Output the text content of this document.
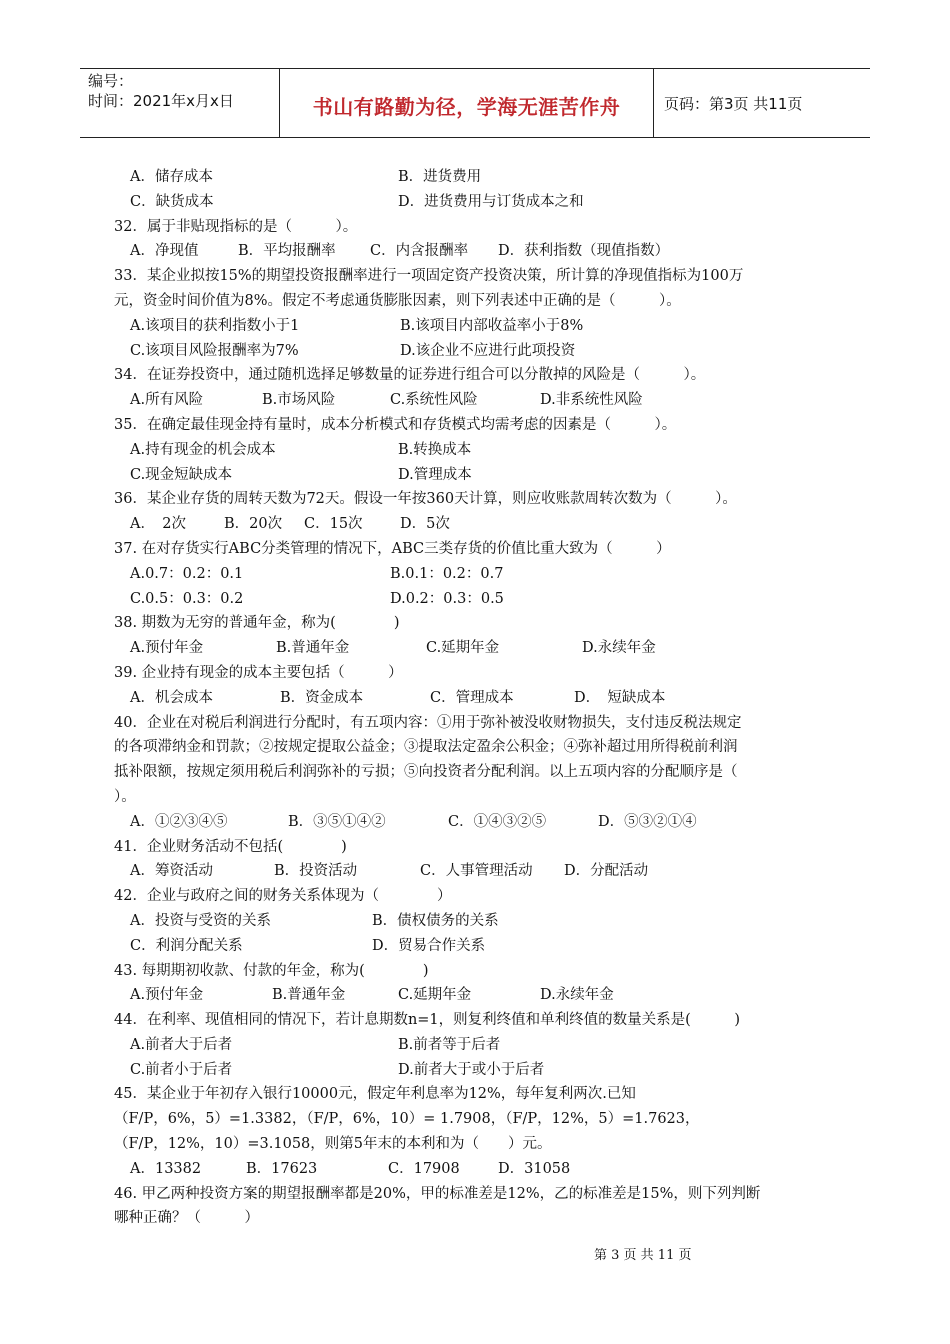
编号：
时间：2021年x月x日	书山有路勤为径，学海无涯苦作舟	页码：第3页 共11页
A．储存成本	B．进货费用
C．缺货成本	D．进货费用与订货成本之和
32．属于非贴现指标的是（　　　）。
A．净现值	B．平均报酬率 C．内含报酬率 D．获利指数（现值指数）
33．某企业拟按15%的期望投资报酬率进行一项固定资产投资决策，所计算的净现值指标为100万
元，资金时间价值为8%。假定不考虑通货膨胀因素，则下列表述中正确的是（　　　）。
A.该项目的获利指数小于1	B.该项目内部收益率小于8%
C.该项目风险报酬率为7%	D.该企业不应进行此项投资
34．在证券投资中，通过随机选择足够数量的证券进行组合可以分散掉的风险是（　　　）。
A.所有风险	B.市场风险	C.系统性风险	D.非系统性风险
35．在确定最佳现金持有量时，成本分析模式和存货模式均需考虑的因素是（　　　）。
A.持有现金的机会成本	B.转换成本
C.现金短缺成本	D.管理成本
36．某企业存货的周转天数为72天。假设一年按360天计算，则应收账款周转次数为（　　　）。
A．　2次	B．20次 C．15次	D．5次
37. 在对存货实行ABC分类管理的情况下，ABC三类存货的价值比重大致为（　　　）
A.0.7：0.2：0.1	B.0.1：0.2：0.7
C.0.5：0.3：0.2	D.0.2：0.3：0.5
38. 期数为无穷的普通年金，称为(　　　　)
A.预付年金	B.普通年金	C.延期年金	D.永续年金
39. 企业持有现金的成本主要包括（　　　）
A．机会成本	B．资金成本	C．管理成本	D．　短缺成本
40．企业在对税后利润进行分配时，有五项内容：①用于弥补被没收财物损失，支付违反税法规定
的各项滞纳金和罚款；②按规定提取公益金；③提取法定盈余公积金；④弥补超过用所得税前利润
抵补限额，按规定须用税后利润弥补的亏损；⑤向投资者分配利润。以上五项内容的分配顺序是（
）。
A．①②③④⑤	B．③⑤①④②	C．①④③②⑤	D．⑤③②①④
41．企业财务活动不包括(　　　　)
A．筹资活动	B．投资活动	C．人事管理活动 D．分配活动
42．企业与政府之间的财务关系体现为（　　　　）
A．投资与受资的关系	B．债权债务的关系
C．利润分配关系	D．贸易合作关系
43. 每期期初收款、付款的年金，称为(　　　　)
A.预付年金	B.普通年金	C.延期年金	D.永续年金
44．在利率、现值相同的情况下，若计息期数n=1，则复利终值和单利终值的数量关系是(　　　)
A.前者大于后者	B.前者等于后者
C.前者小于后者	D.前者大于或小于后者
45．某企业于年初存入银行10000元，假定年利息率为12%，每年复利两次.已知
（F/P，6%，5）=1.3382，（F/P，6%，10）= 1.7908，（F/P，12%，5）=1.7623，
（F/P，12%，10）=3.1058，则第5年末的本利和为（　　）元。
A．13382	B．17623	C．17908	D．31058
46. 甲乙两种投资方案的期望报酬率都是20%，甲的标准差是12%，乙的标准差是15%，则下列判断
哪种正确？（　　　）
第 3 页 共 11 页
